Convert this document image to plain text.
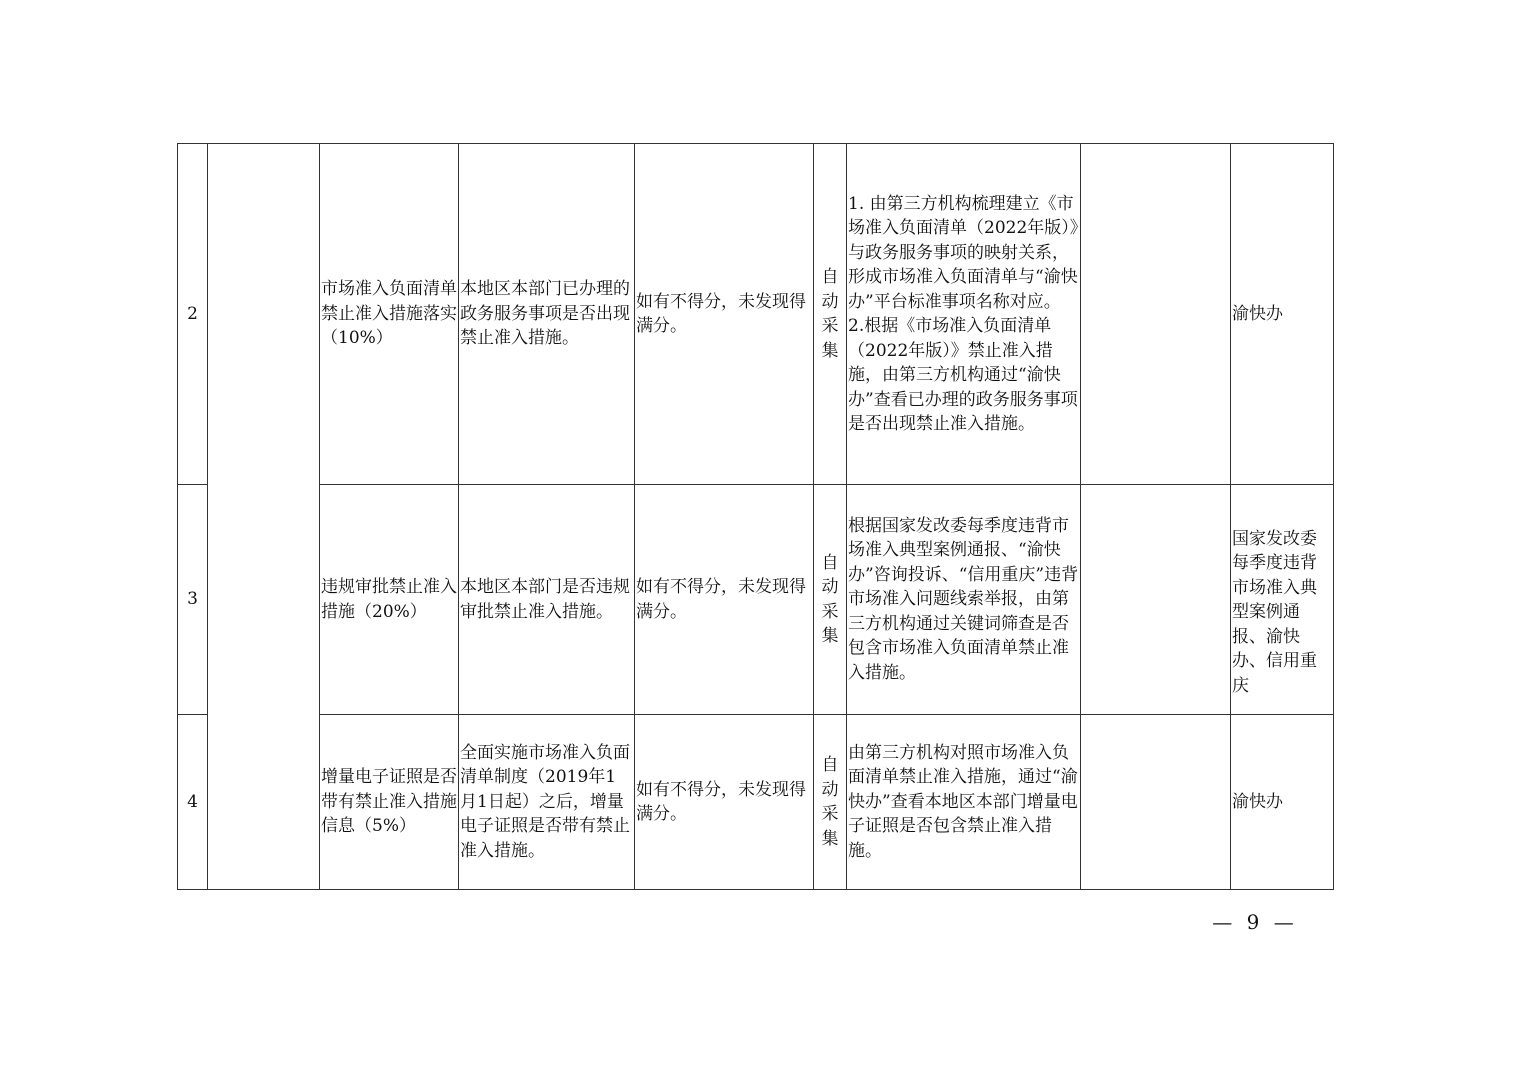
2		市场准入负面清单禁止准入措施落实（10%）	本地区本部门已办理的政务服务事项是否出现禁止准入措施。	如有不得分，未发现得满分。	自动采集	1. 由第三方机构梳理建立《市场准入负面清单（2022年版）》与政务服务事项的映射关系，形成市场准入负面清单与“渝快办”平台标准事项名称对应。
2.根据《市场准入负面清单（2022年版）》禁止准入措施，由第三方机构通过“渝快办”查看已办理的政务服务事项是否出现禁止准入措施。		渝快办
3		违规审批禁止准入措施（20%）	本地区本部门是否违规审批禁止准入措施。	如有不得分，未发现得满分。	自动采集	根据国家发改委每季度违背市场准入典型案例通报、“渝快办”咨询投诉、“信用重庆”违背市场准入问题线索举报，由第三方机构通过关键词筛查是否包含市场准入负面清单禁止准入措施。		国家发改委每季度违背市场准入典型案例通报、渝快办、信用重庆
4		增量电子证照是否带有禁止准入措施信息（5%）	全面实施市场准入负面清单制度（2019年1月1日起）之后，增量电子证照是否带有禁止准入措施。	如有不得分，未发现得满分。	自动采集	由第三方机构对照市场准入负面清单禁止准入措施，通过“渝快办”查看本地区本部门增量电子证照是否包含禁止准入措施。		渝快办
— 9 —
